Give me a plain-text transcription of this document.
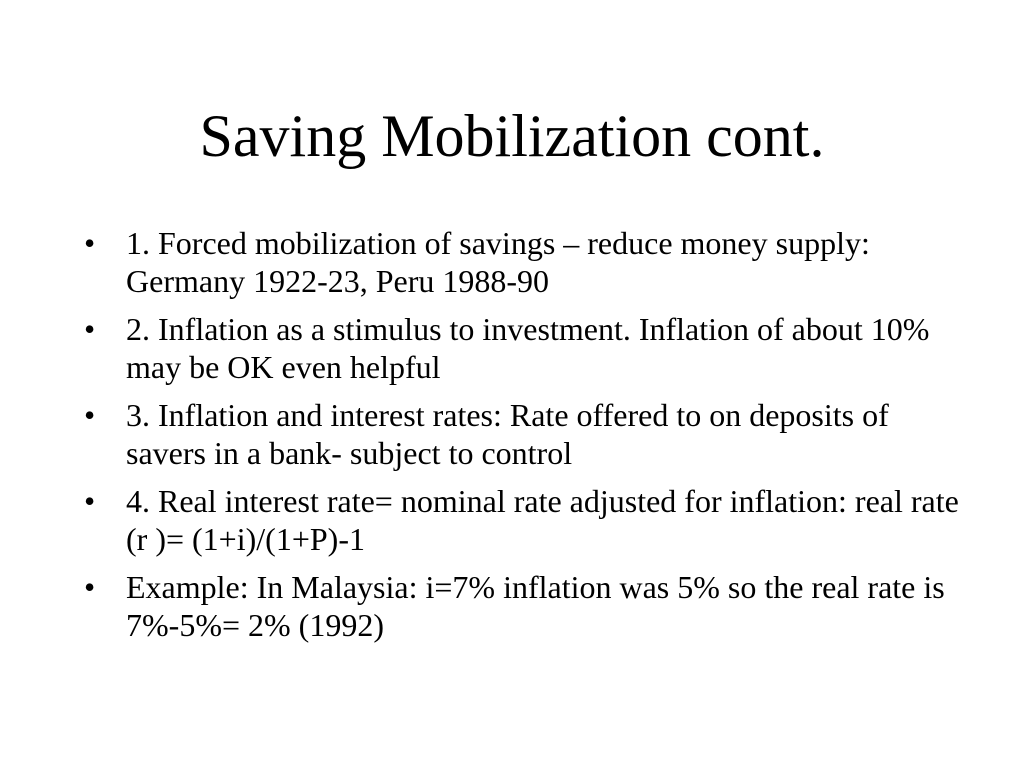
Saving Mobilization cont.
• 1. Forced mobilization of savings – reduce money supply: Germany 1922-23, Peru 1988-90
• 2. Inflation as a stimulus to investment. Inflation of about 10% may be OK even helpful
• 3. Inflation and interest rates: Rate offered to on deposits of savers in a bank- subject to control
• 4. Real interest rate= nominal rate adjusted for inflation: real rate (r )= (1+i)/(1+P)-1
• Example: In Malaysia: i=7% inflation was 5% so the real rate is 7%-5%= 2% (1992)
